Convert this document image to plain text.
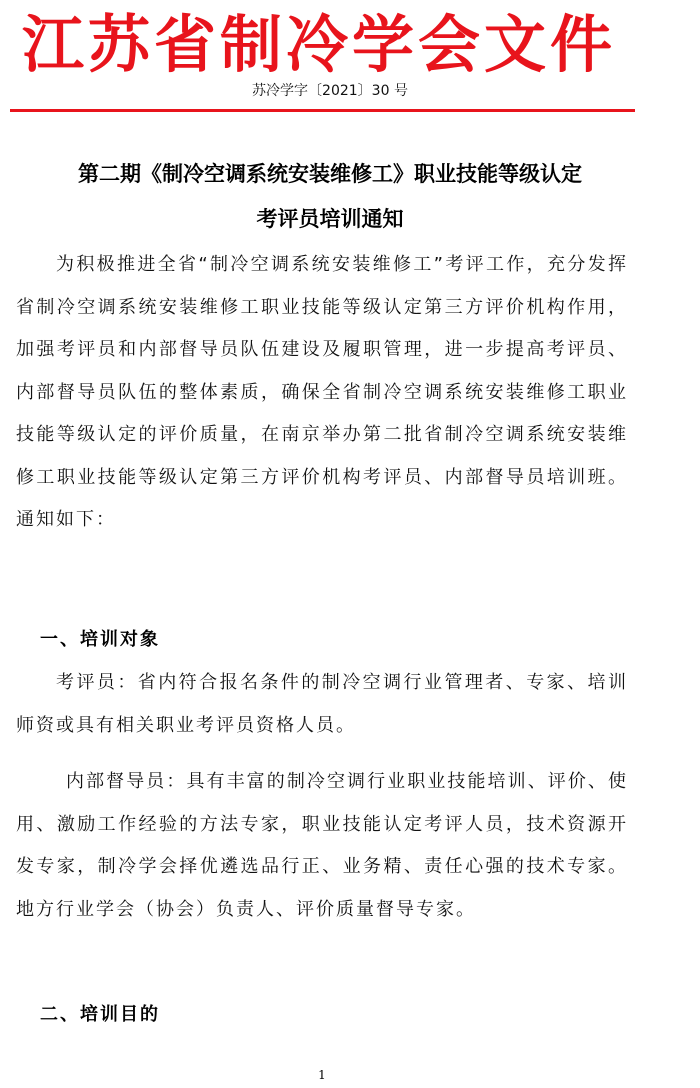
江苏省制冷学会文件
苏冷学字〔2021〕30 号
第二期《制冷空调系统安装维修工》职业技能等级认定
考评员培训通知
为积极推进全省“制冷空调系统安装维修工”考评工作，充分发挥省制冷空调系统安装维修工职业技能等级认定第三方评价机构作用，加强考评员和内部督导员队伍建设及履职管理，进一步提高考评员、内部督导员队伍的整体素质，确保全省制冷空调系统安装维修工职业技能等级认定的评价质量，在南京举办第二批省制冷空调系统安装维修工职业技能等级认定第三方评价机构考评员、内部督导员培训班。通知如下：
一、培训对象
考评员：省内符合报名条件的制冷空调行业管理者、专家、培训师资或具有相关职业考评员资格人员。
内部督导员：具有丰富的制冷空调行业职业技能培训、评价、使用、激励工作经验的方法专家，职业技能认定考评人员，技术资源开发专家，制冷学会择优遴选品行正、业务精、责任心强的技术专家。地方行业学会（协会）负责人、评价质量督导专家。
二、培训目的
1
